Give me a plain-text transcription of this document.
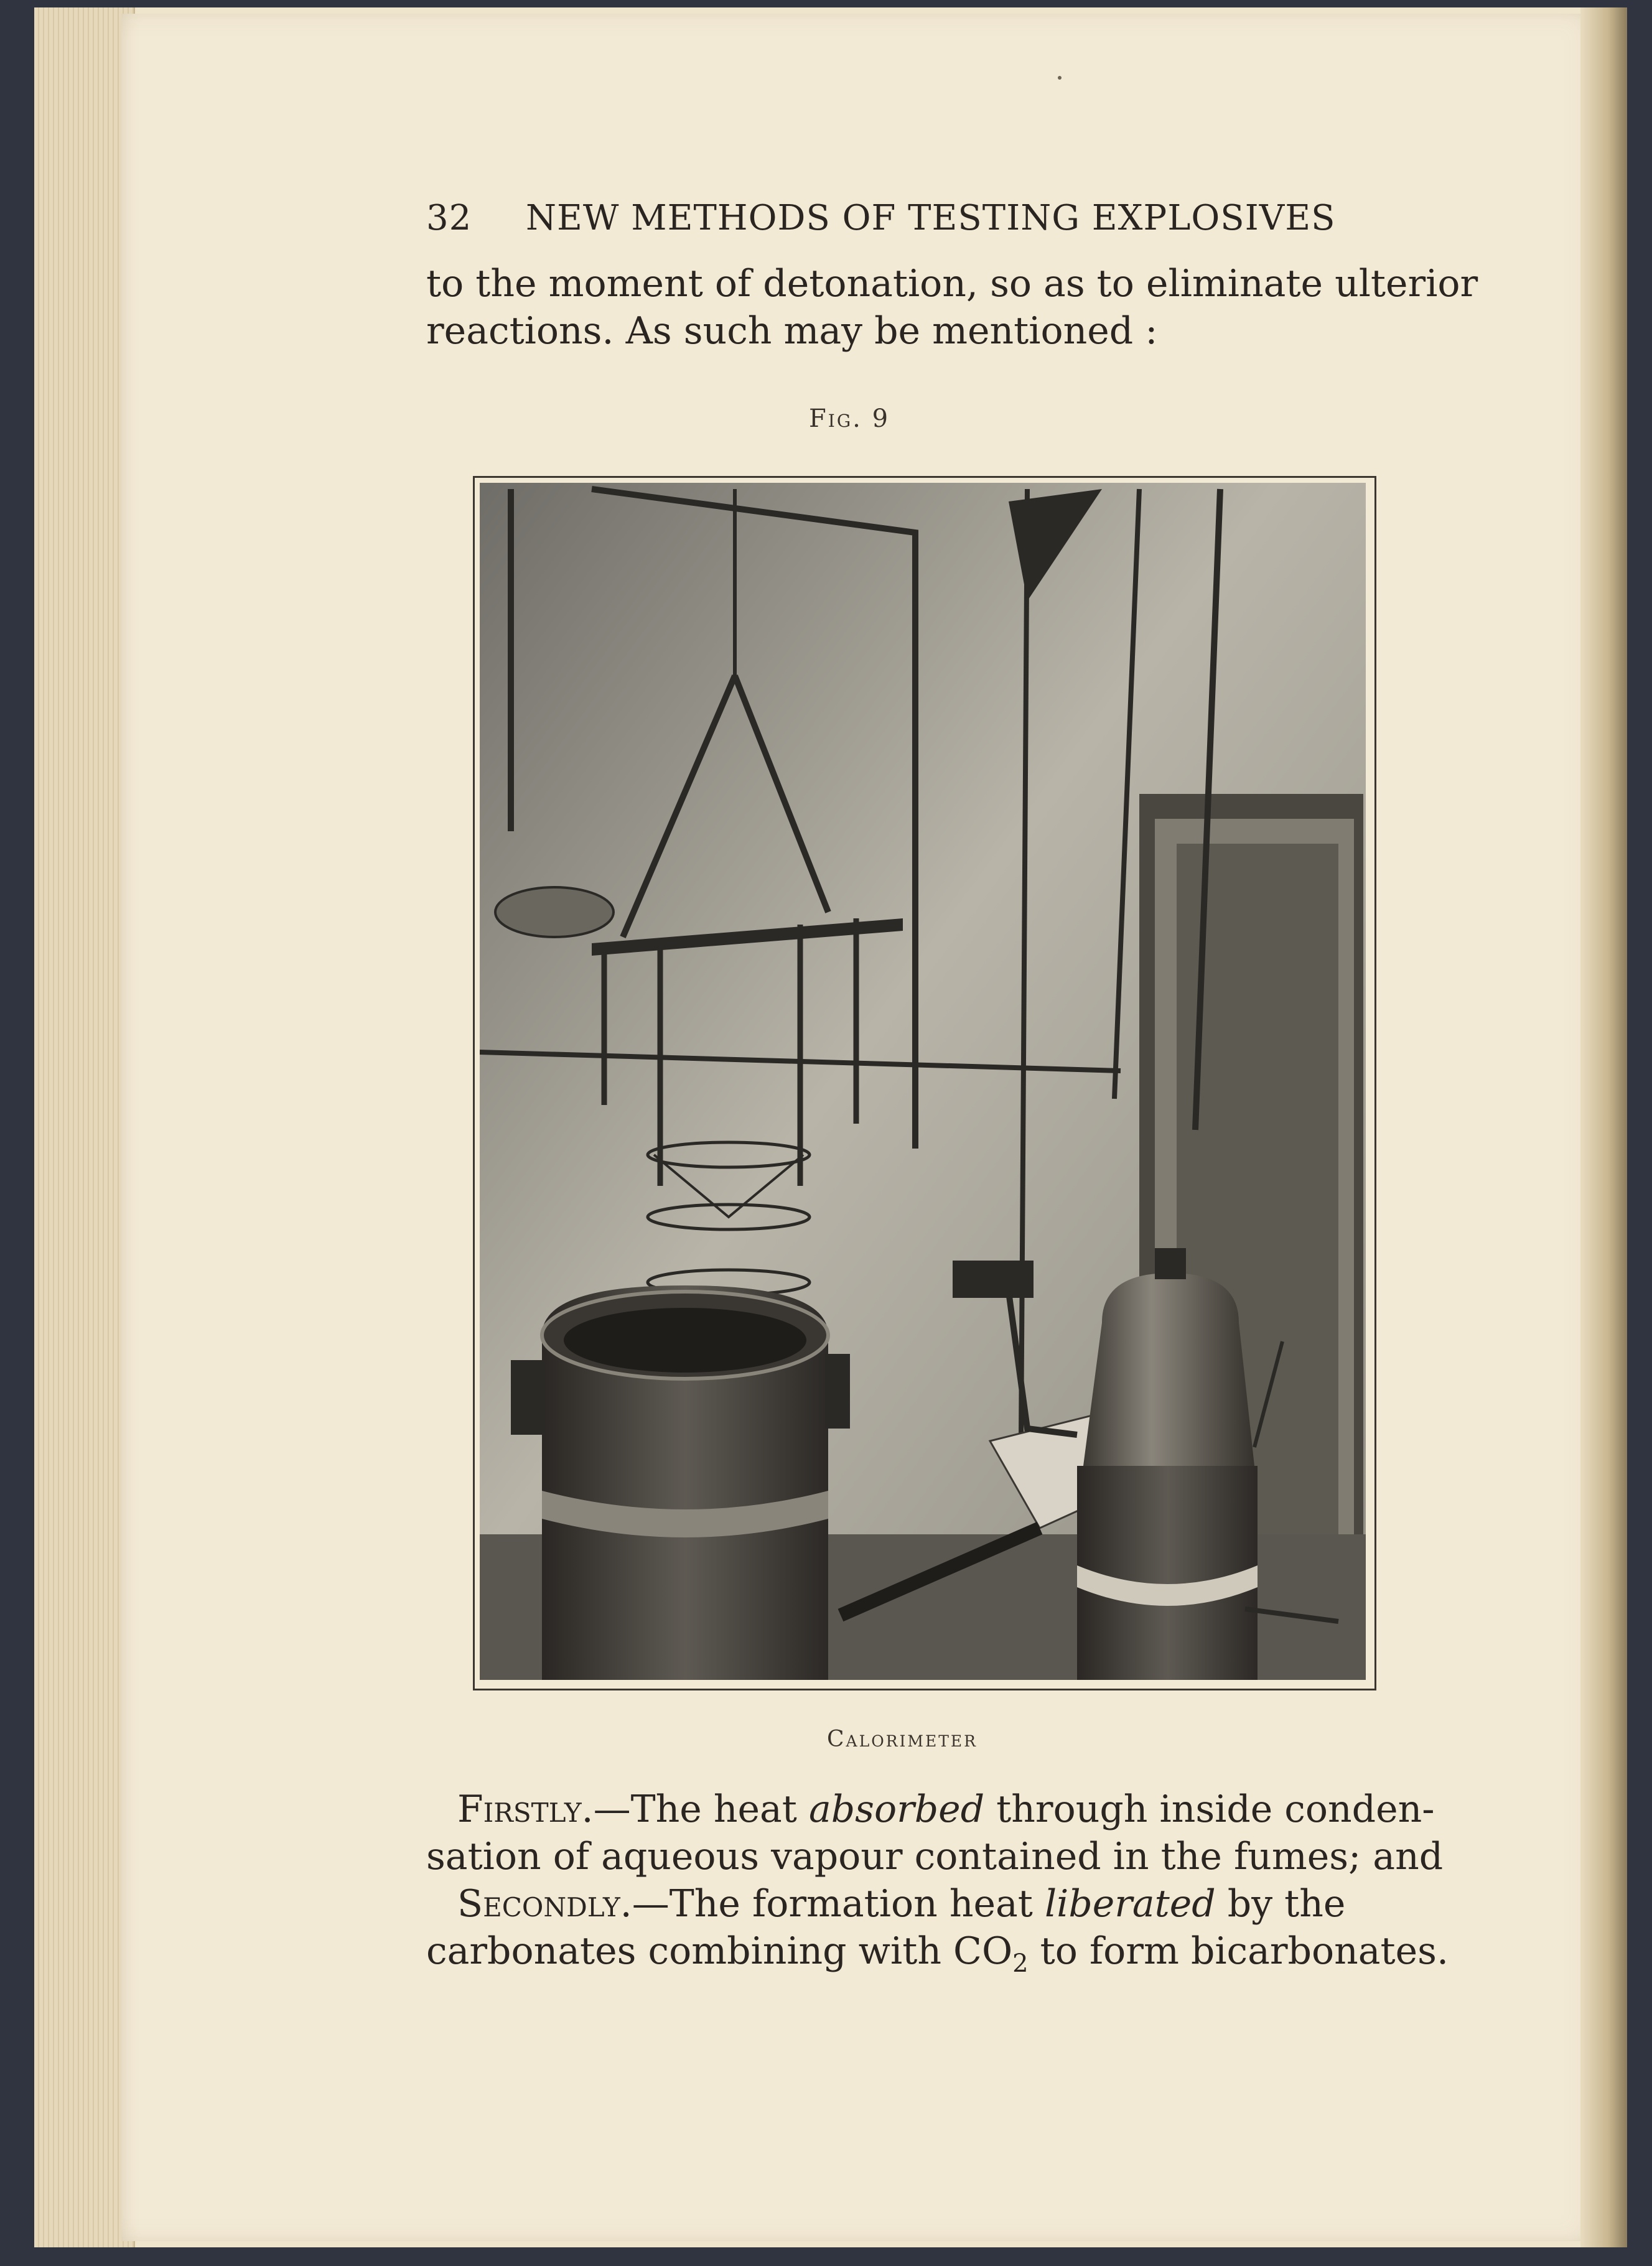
32 NEW METHODS OF TESTING EXPLOSIVES
to the moment of detonation, so as to eliminate ulterior
reactions. As such may be mentioned :
Fig. 9
Calorimeter
Firstly.—The heat absorbed through inside conden-
sation of aqueous vapour contained in the fumes; and
Secondly.—The formation heat liberated by the
carbonates combining with $CO_2$ to form bicarbonates.
